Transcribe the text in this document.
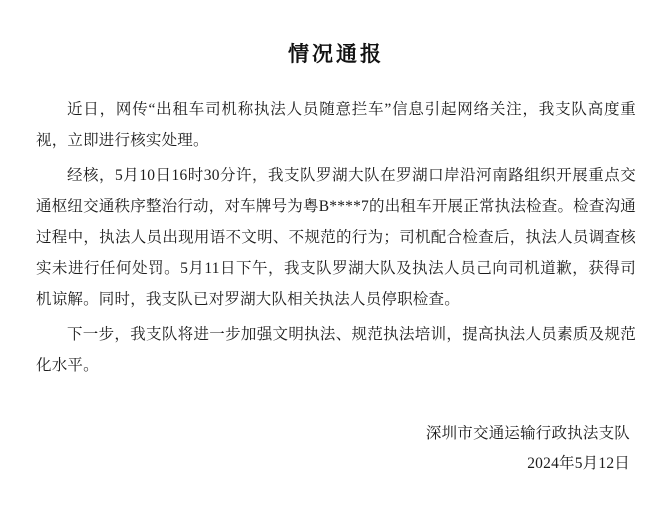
情况通报

近日，网传“出租车司机称执法人员随意拦车”信息引起网络关注，我支队高度重视，立即进行核实处理。

经核，5月10日16时30分许，我支队罗湖大队在罗湖口岸沿河南路组织开展重点交通枢纽交通秩序整治行动，对车牌号为粤B****7的出租车开展正常执法检查。检查沟通过程中，执法人员出现用语不文明、不规范的行为；司机配合检查后，执法人员调查核实未进行任何处罚。5月11日下午，我支队罗湖大队及执法人员己向司机道歉，获得司机谅解。同时，我支队已对罗湖大队相关执法人员停职检查。

下一步，我支队将进一步加强文明执法、规范执法培训，提高执法人员素质及规范化水平。

深圳市交通运输行政执法支队
2024年5月12日
